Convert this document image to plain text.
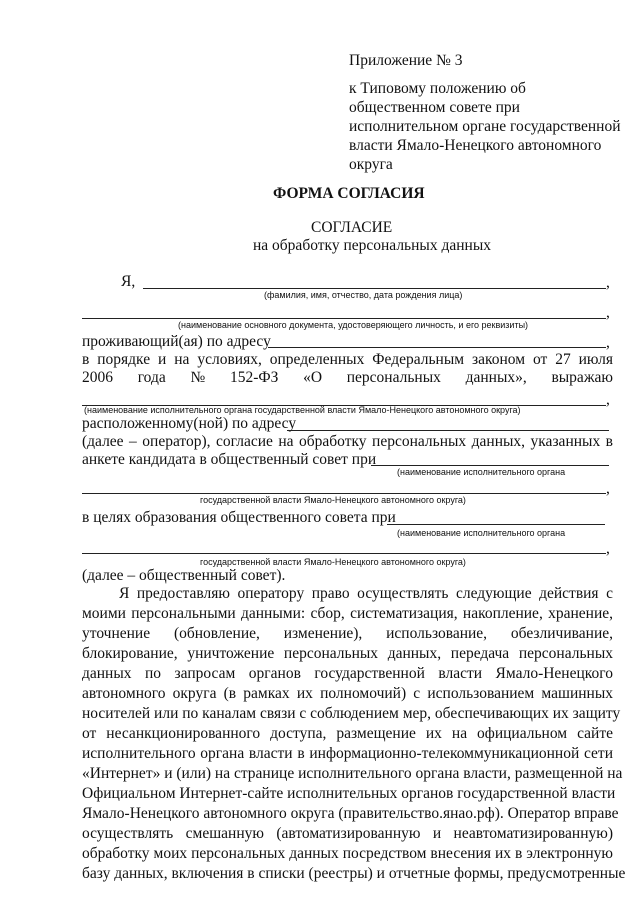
Приложение № 3
к Типовому положению об
общественном совете при
исполнительном органе государственной
власти Ямало-Ненецкого автономного
округа
ФОРМА СОГЛАСИЯ
СОГЛАСИЕ
на обработку персональных данных
Я,	,
(фамилия, имя, отчество, дата рождения лица)
,
(наименование основного документа, удостоверяющего личность, и его реквизиты)
проживающий(ая) по адресу	,
в порядке и на условиях, определенных Федеральным законом от 27 июля
2006 года № 152-ФЗ «О персональных данных», выражаю
,
(наименование исполнительного органа государственной власти Ямало-Ненецкого автономного округа)
расположенному(ной) по адресу
(далее – оператор), согласие на обработку персональных данных, указанных в
анкете кандидата в общественный совет при
(наименование исполнительного органа
,
государственной власти Ямало-Ненецкого автономного округа)
в целях образования общественного совета при
(наименование исполнительного органа
,
государственной власти Ямало-Ненецкого автономного округа)
(далее – общественный совет).
Я предоставляю оператору право осуществлять следующие действия с
моими персональными данными: сбор, систематизация, накопление, хранение,
уточнение (обновление, изменение), использование, обезличивание,
блокирование, уничтожение персональных данных, передача персональных
данных по запросам органов государственной власти Ямало-Ненецкого
автономного округа (в рамках их полномочий) с использованием машинных
носителей или по каналам связи с соблюдением мер, обеспечивающих их защиту
от несанкционированного доступа, размещение их на официальном сайте
исполнительного органа власти в информационно-телекоммуникационной сети
«Интернет» и (или) на странице исполнительного органа власти, размещенной на
Официальном Интернет-сайте исполнительных органов государственной власти
Ямало-Ненецкого автономного округа (правительство.янао.рф). Оператор вправе
осуществлять смешанную (автоматизированную и неавтоматизированную)
обработку моих персональных данных посредством внесения их в электронную
базу данных, включения в списки (реестры) и отчетные формы, предусмотренные
